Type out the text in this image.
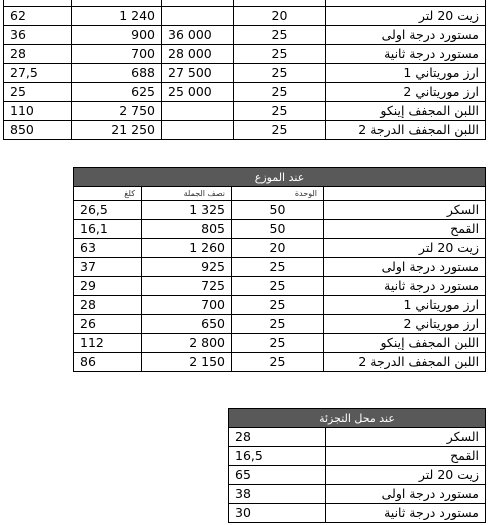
62	1 240		20	زيت 20 لتر
36	900	36 000	25	مستورد درجة اولى
28	700	28 000	25	مستورد درجة ثانية
27,5	688	27 500	25	ارز موريتاني 1
25	625	25 000	25	ارز موريتاني 2
110	2 750		25	اللبن المجفف إينكو
850	21 250		25	اللبن المجفف الدرجة 2
عند الموزع			
كلغ	نصف الجملة	الوحدة	
26,5	1 325	50	السكر
16,1	805	50	القمح
63	1 260	20	زيت 20 لتر
37	925	25	مستورد درجة اولى
29	725	25	مستورد درجة ثانية
28	700	25	ارز موريتاني 1
26	650	25	ارز موريتاني 2
112	2 800	25	اللبن المجفف إينكو
86	2 150	25	اللبن المجفف الدرجة 2
عند محل التجزئة	
28	السكر
16,5	القمح
65	زيت 20 لتر
38	مستورد درجة اولى
30	مستورد درجة ثانية
